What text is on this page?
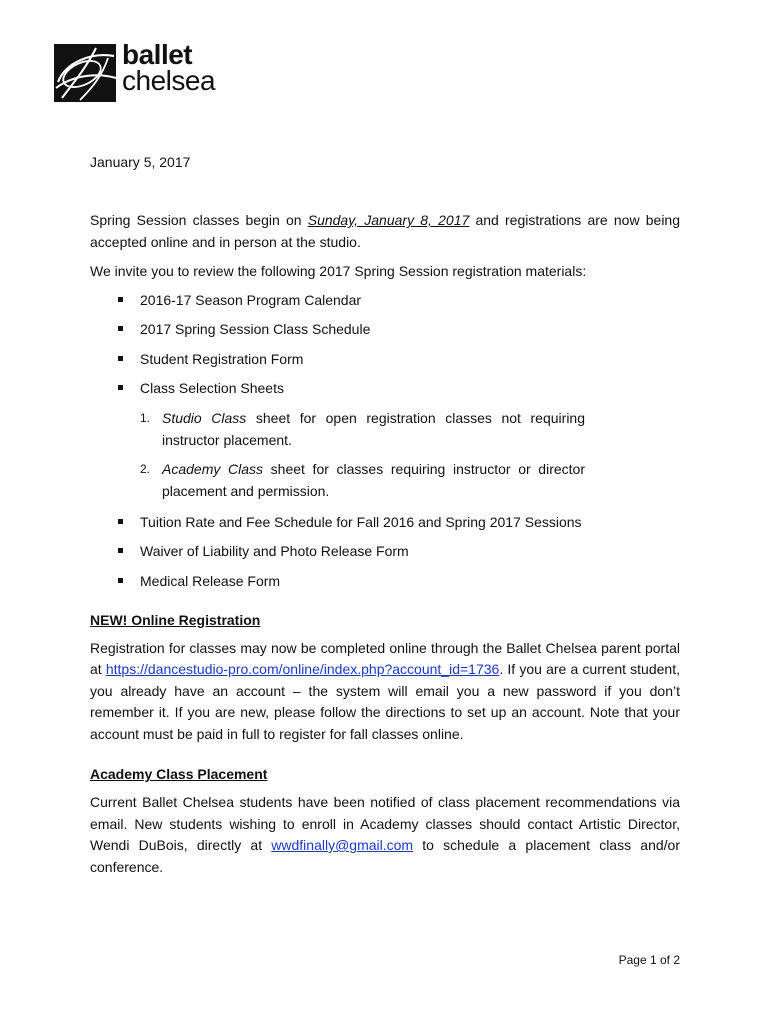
ballet
chelsea

January 5, 2017

Spring Session classes begin on Sunday, January 8, 2017 and registrations are now being accepted online and in person at the studio.

We invite you to review the following 2017 Spring Session registration materials:

2016-17 Season Program Calendar
2017 Spring Session Class Schedule
Student Registration Form
Class Selection Sheets
1. Studio Class sheet for open registration classes not requiring instructor placement.
2. Academy Class sheet for classes requiring instructor or director placement and permission.
Tuition Rate and Fee Schedule for Fall 2016 and Spring 2017 Sessions
Waiver of Liability and Photo Release Form
Medical Release Form

NEW! Online Registration

Registration for classes may now be completed online through the Ballet Chelsea parent portal at https://dancestudio-pro.com/online/index.php?account_id=1736. If you are a current student, you already have an account – the system will email you a new password if you don’t remember it. If you are new, please follow the directions to set up an account. Note that your account must be paid in full to register for fall classes online.

Academy Class Placement

Current Ballet Chelsea students have been notified of class placement recommendations via email. New students wishing to enroll in Academy classes should contact Artistic Director, Wendi DuBois, directly at wwdfinally@gmail.com to schedule a placement class and/or conference.

Page 1 of 2
